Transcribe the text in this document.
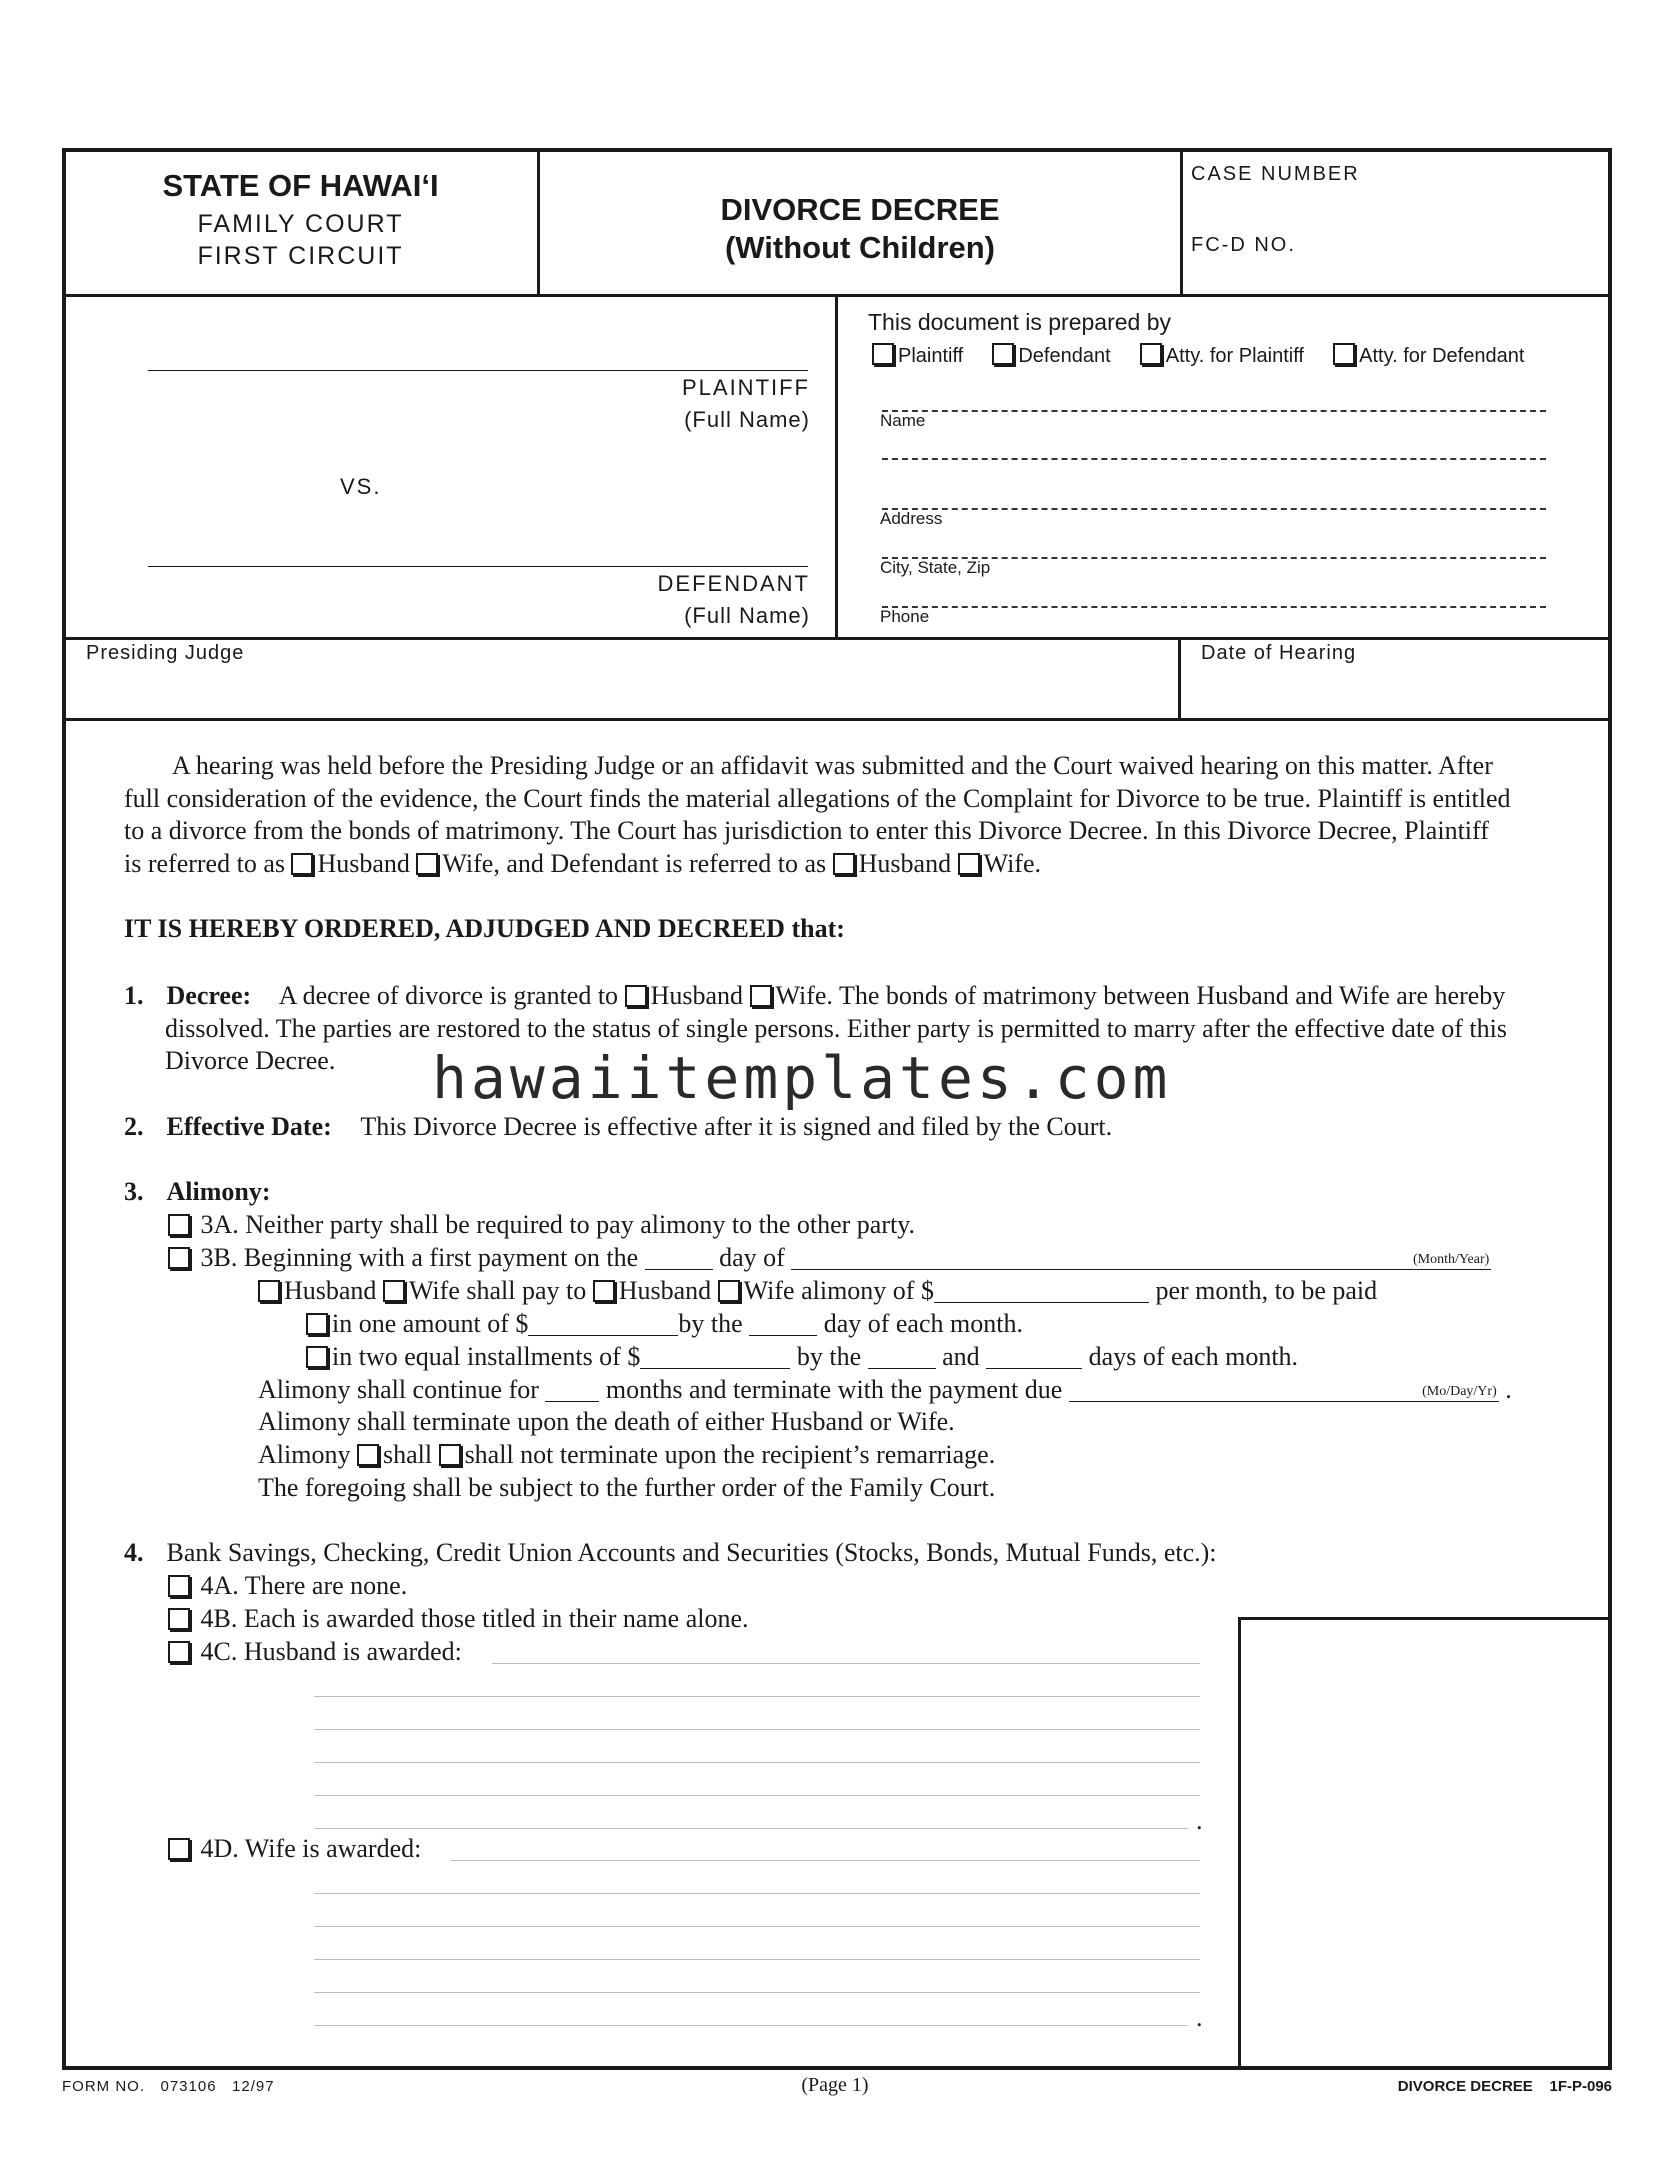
STATE OF HAWAI‘I
FAMILY COURT
FIRST CIRCUIT
DIVORCE DECREE
(Without Children)
CASE NUMBER
FC-D NO.
PLAINTIFF
(Full Name)
VS.
DEFENDANT
(Full Name)
This document is prepared by
Plaintiff	Defendant	Atty. for Plaintiff	Atty. for Defendant
Name
Address
City, State, Zip
Phone
Presiding Judge	Date of Hearing
A hearing was held before the Presiding Judge or an affidavit was submitted and the Court waived hearing on this matter. After
full consideration of the evidence, the Court finds the material allegations of the Complaint for Divorce to be true. Plaintiff is entitled
to a divorce from the bonds of matrimony. The Court has jurisdiction to enter this Divorce Decree. In this Divorce Decree, Plaintiff
is referred to as Husband Wife, and Defendant is referred to as Husband Wife.
IT IS HEREBY ORDERED, ADJUDGED AND DECREED that:
1. Decree: A decree of divorce is granted to Husband Wife. The bonds of matrimony between Husband and Wife are hereby
dissolved. The parties are restored to the status of single persons. Either party is permitted to marry after the effective date of this
Divorce Decree. hawaiitemplates.com
2. Effective Date: This Divorce Decree is effective after it is signed and filed by the Court.
3. Alimony:
3A. Neither party shall be required to pay alimony to the other party.
3B. Beginning with a first payment on the	day of	(Month/Year)
Husband Wife shall pay to Husband Wife alimony of $	per month, to be paid
in one amount of $	by the	day of each month.
in two equal installments of $	by the	and	days of each month.
Alimony shall continue for	months and terminate with the payment due	(Mo/Day/Yr) .
Alimony shall terminate upon the death of either Husband or Wife.
Alimony shall shall not terminate upon the recipient’s remarriage.
The foregoing shall be subject to the further order of the Family Court.
4. Bank Savings, Checking, Credit Union Accounts and Securities (Stocks, Bonds, Mutual Funds, etc.):
4A. There are none.
4B. Each is awarded those titled in their name alone.
4C. Husband is awarded:
.
4D. Wife is awarded:
.
FORM NO.   073106   12/97	(Page 1)	DIVORCE DECREE    1F-P-096
